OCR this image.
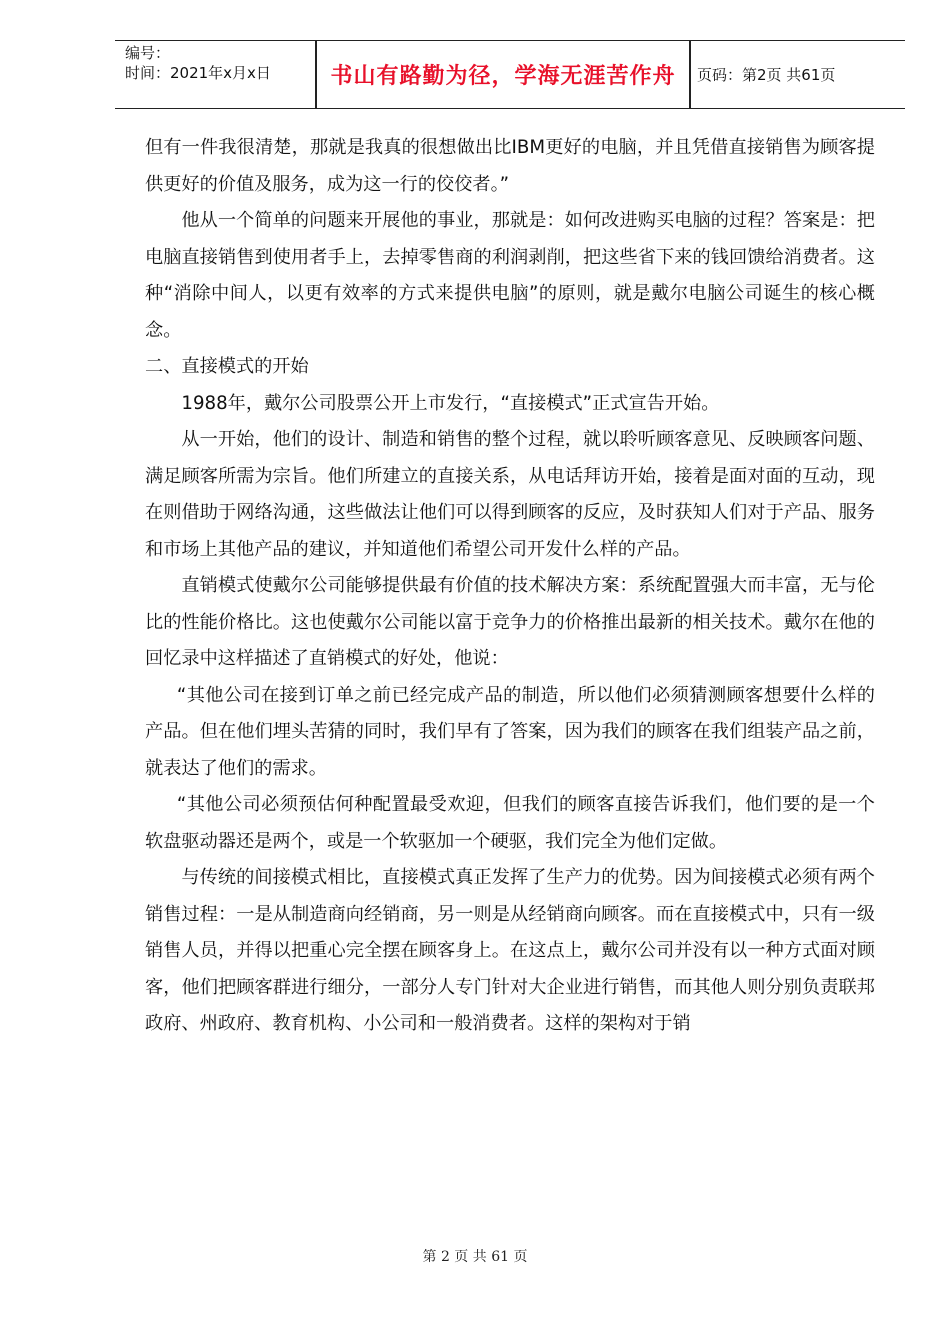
编号：
时间：2021年x月x日	书山有路勤为径，学海无涯苦作舟	页码：第2页 共61页

但有一件我很清楚，那就是我真的很想做出比IBM更好的电脑，并且凭借直接销售为顾客提供更好的价值及服务，成为这一行的佼佼者。”

他从一个简单的问题来开展他的事业，那就是：如何改进购买电脑的过程？答案是：把电脑直接销售到使用者手上，去掉零售商的利润剥削，把这些省下来的钱回馈给消费者。这种“消除中间人，以更有效率的方式来提供电脑”的原则，就是戴尔电脑公司诞生的核心概念。

二、直接模式的开始

1988年，戴尔公司股票公开上市发行，“直接模式”正式宣告开始。

从一开始，他们的设计、制造和销售的整个过程，就以聆听顾客意见、反映顾客问题、满足顾客所需为宗旨。他们所建立的直接关系，从电话拜访开始，接着是面对面的互动，现在则借助于网络沟通，这些做法让他们可以得到顾客的反应，及时获知人们对于产品、服务和市场上其他产品的建议，并知道他们希望公司开发什么样的产品。

直销模式使戴尔公司能够提供最有价值的技术解决方案：系统配置强大而丰富，无与伦比的性能价格比。这也使戴尔公司能以富于竞争力的价格推出最新的相关技术。戴尔在他的回忆录中这样描述了直销模式的好处，他说：

“其他公司在接到订单之前已经完成产品的制造，所以他们必须猜测顾客想要什么样的产品。但在他们埋头苦猜的同时，我们早有了答案，因为我们的顾客在我们组装产品之前，就表达了他们的需求。

“其他公司必须预估何种配置最受欢迎，但我们的顾客直接告诉我们，他们要的是一个软盘驱动器还是两个，或是一个软驱加一个硬驱，我们完全为他们定做。

与传统的间接模式相比，直接模式真正发挥了生产力的优势。因为间接模式必须有两个销售过程：一是从制造商向经销商，另一则是从经销商向顾客。而在直接模式中，只有一级销售人员，并得以把重心完全摆在顾客身上。在这点上，戴尔公司并没有以一种方式面对顾客，他们把顾客群进行细分，一部分人专门针对大企业进行销售，而其他人则分别负责联邦政府、州政府、教育机构、小公司和一般消费者。这样的架构对于销

第 2 页 共 61 页
